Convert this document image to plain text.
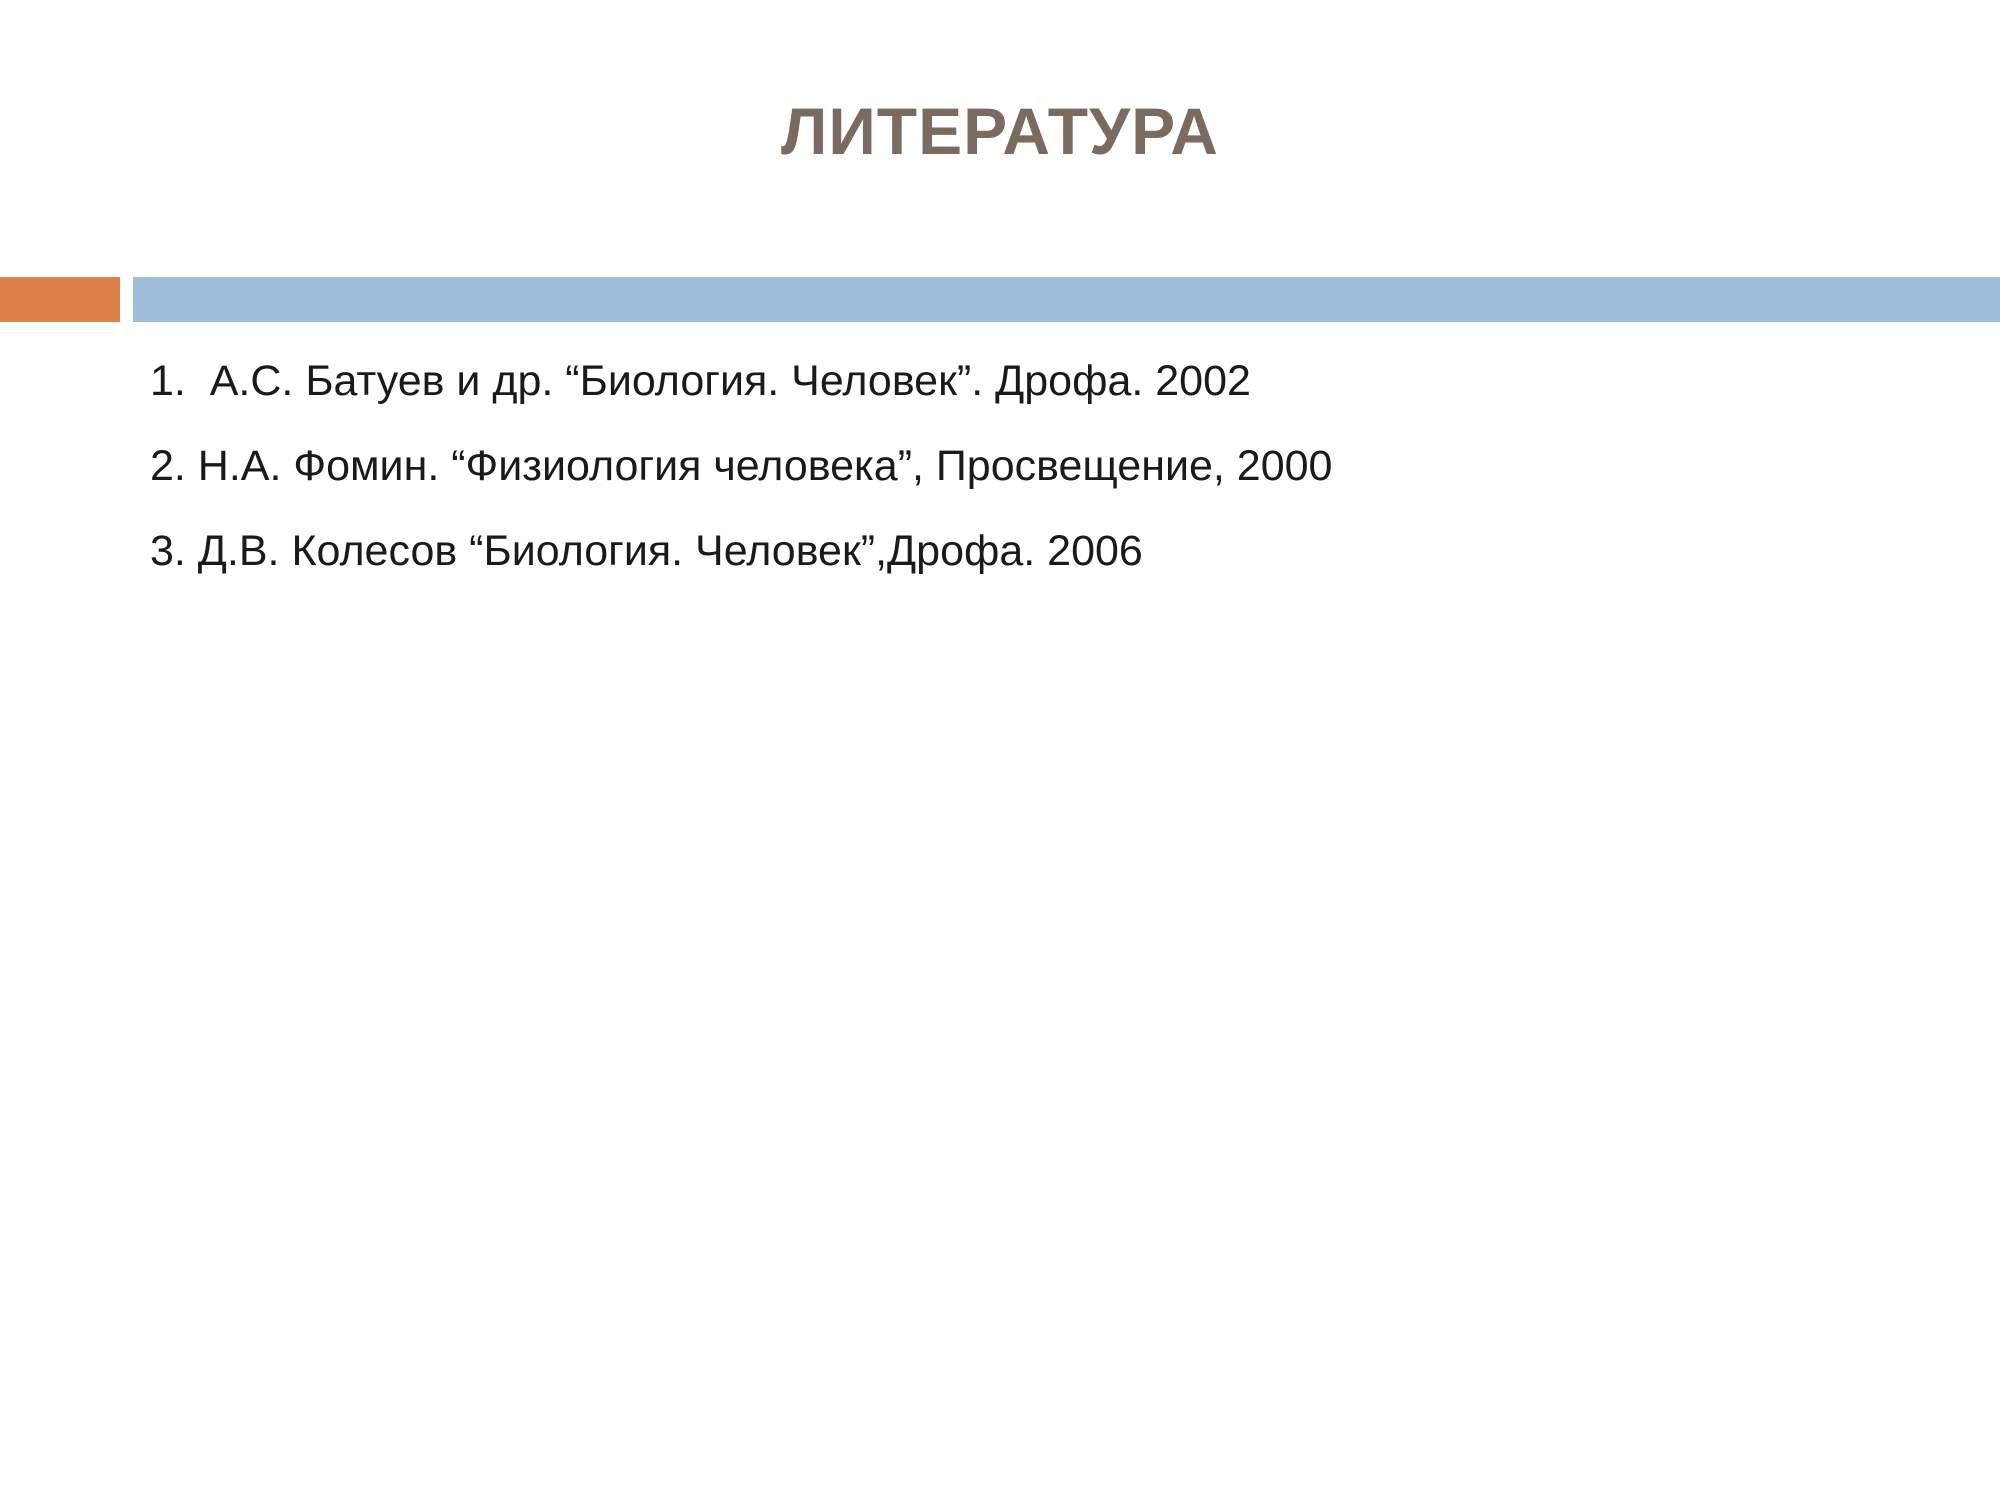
ЛИТЕРАТУРА
1.  А.С. Батуев и др. “Биология. Человек”. Дрофа. 2002
2. Н.А. Фомин. “Физиология человека”, Просвещение, 2000
3. Д.В. Колесов “Биология. Человек”,Дрофа. 2006
